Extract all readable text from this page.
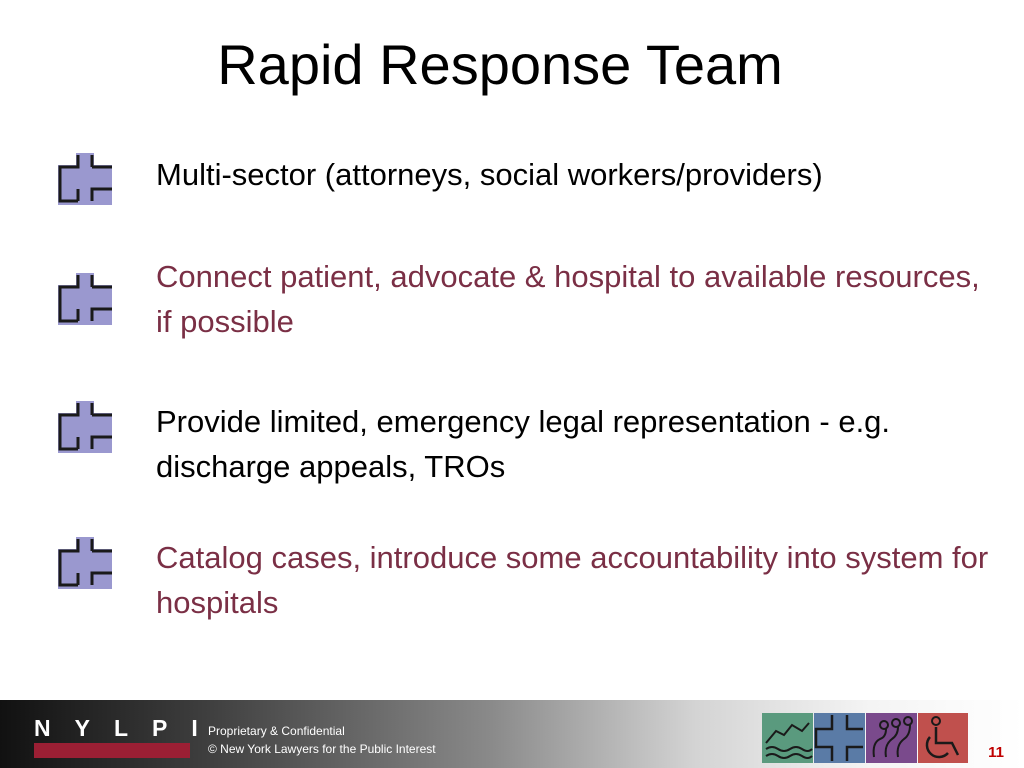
Rapid Response Team
Multi-sector (attorneys, social workers/providers)
Connect patient, advocate & hospital to available resources, if possible
Provide limited, emergency legal representation - e.g. discharge appeals, TROs
Catalog cases, introduce some accountability into system for hospitals
NYLPI
Proprietary & Confidential
© New York Lawyers for the Public Interest	11
